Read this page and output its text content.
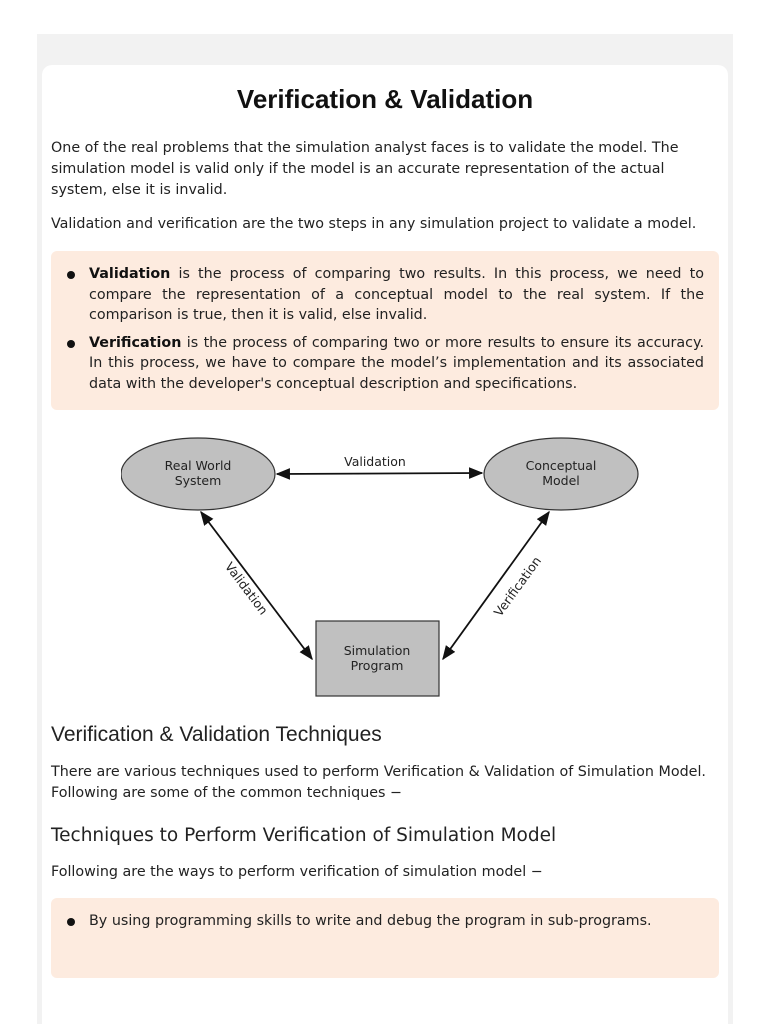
Verification & Validation

One of the real problems that the simulation analyst faces is to validate the model. The simulation model is valid only if the model is an accurate representation of the actual system, else it is invalid.

Validation and verification are the two steps in any simulation project to validate a model.

Validation is the process of comparing two results. In this process, we need to compare the representation of a conceptual model to the real system. If the comparison is true, then it is valid, else invalid.
Verification is the process of comparing two or more results to ensure its accuracy. In this process, we have to compare the model’s implementation and its associated data with the developer's conceptual description and specifications.
Real World
System
Conceptual
Model
Simulation
Program
Validation
Validation	Verification
Verification & Validation Techniques

There are various techniques used to perform Verification & Validation of Simulation Model. Following are some of the common techniques −

Techniques to Perform Verification of Simulation Model

Following are the ways to perform verification of simulation model −

By using programming skills to write and debug the program in sub-programs.
